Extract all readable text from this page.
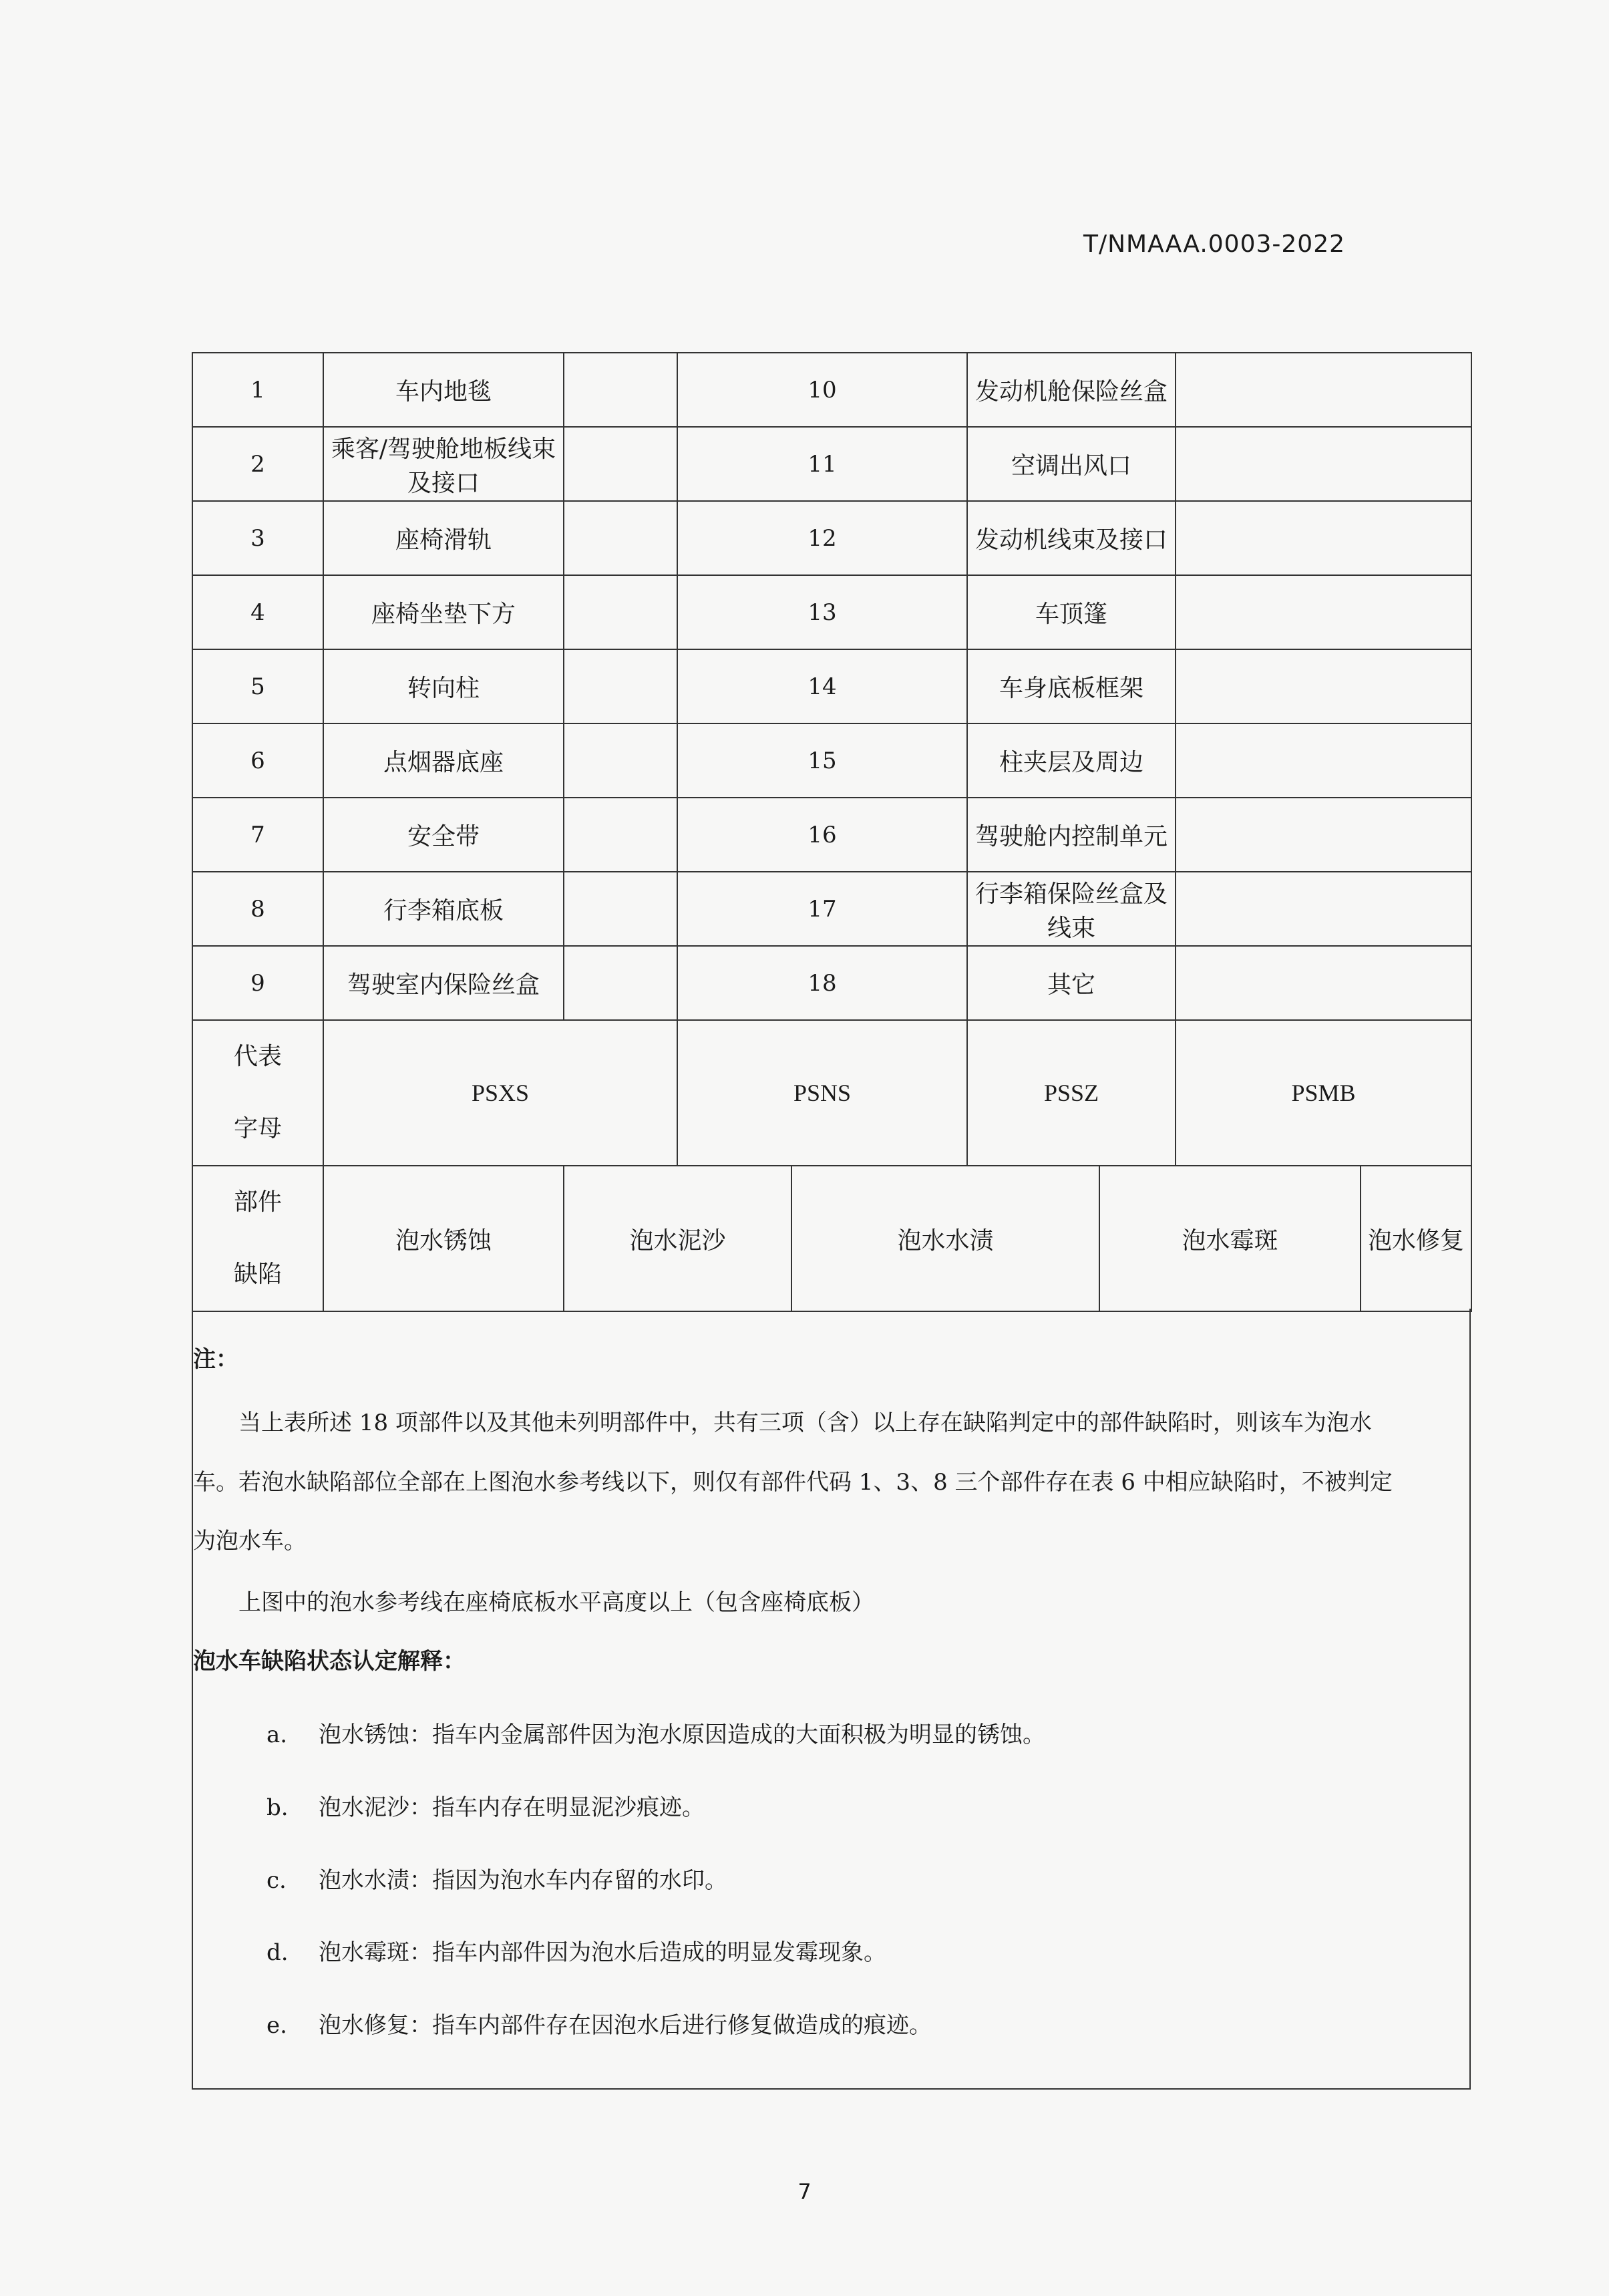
T/NMAAA.0003-2022
1	车内地毯		10		发动机舱保险丝盒				
2	乘客/驾驶舱地板线束及接口		11		空调出风口				
3	座椅滑轨		12		发动机线束及接口				
4	座椅坐垫下方		13		车顶篷				
5	转向柱		14		车身底板框架				
6	点烟器底座		15		柱夹层及周边				
7	安全带		16		驾驶舱内控制单元				
8	行李箱底板		17		行李箱保险丝盒及线束				
9	驾驶室内保险丝盒		18		其它				

代表
字母	PSXS		PSNS		PSSZ		PSMB	

部件
缺陷	泡水锈蚀	泡水泥沙		泡水水渍		泡水霉斑		泡水修复	

注：

当上表所述 18 项部件以及其他未列明部件中，共有三项（含）以上存在缺陷判定中的部件缺陷时，则该车为泡水

车。若泡水缺陷部位全部在上图泡水参考线以下，则仅有部件代码 1、3、8 三个部件存在表 6 中相应缺陷时，不被判定

为泡水车。

上图中的泡水参考线在座椅底板水平高度以上（包含座椅底板）

泡水车缺陷状态认定解释：

a. 泡水锈蚀：指车内金属部件因为泡水原因造成的大面积极为明显的锈蚀。

b. 泡水泥沙：指车内存在明显泥沙痕迹。

c. 泡水水渍：指因为泡水车内存留的水印。

d. 泡水霉斑：指车内部件因为泡水后造成的明显发霉现象。

e. 泡水修复：指车内部件存在因泡水后进行修复做造成的痕迹。

7
